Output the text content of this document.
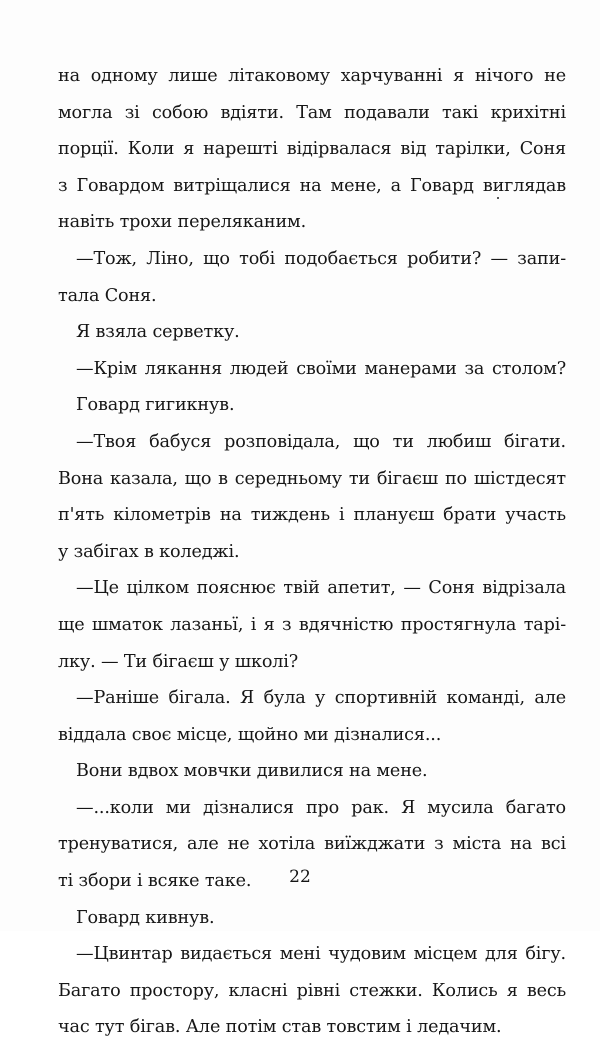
на одному лише літаковому харчуванні я нічого не
могла зі собою вдіяти. Там подавали такі крихітні
порції. Коли я нарешті відірвалася від тарілки, Соня
з Говардом витріщалися на мене, а Говард виглядав
навіть трохи переляканим.
—Тож, Ліно, що тобі подобається робити? — запи-
тала Соня.
Я взяла серветку.
—Крім лякання людей своїми манерами за столом?
Говард гигикнув.
—Твоя бабуся розповідала, що ти любиш бігати.
Вона казала, що в середньому ти бігаєш по шістдесят
п'ять кілометрів на тиждень і плануєш брати участь
у забігах в коледжі.
—Це цілком пояснює твій апетит, — Соня відрізала
ще шматок лазаньї, і я з вдячністю простягнула тарі-
лку. — Ти бігаєш у школі?
—Раніше бігала. Я була у спортивній команді, але
віддала своє місце, щойно ми дізналися...
Вони вдвох мовчки дивилися на мене.
—...коли ми дізналися про рак. Я мусила багато
тренуватися, але не хотіла виїжджати з міста на всі
ті збори і всяке таке.
Говард кивнув.
—Цвинтар видається мені чудовим місцем для бігу.
Багато простору, класні рівні стежки. Колись я весь
час тут бігав. Але потім став товстим і ледачим.
22
